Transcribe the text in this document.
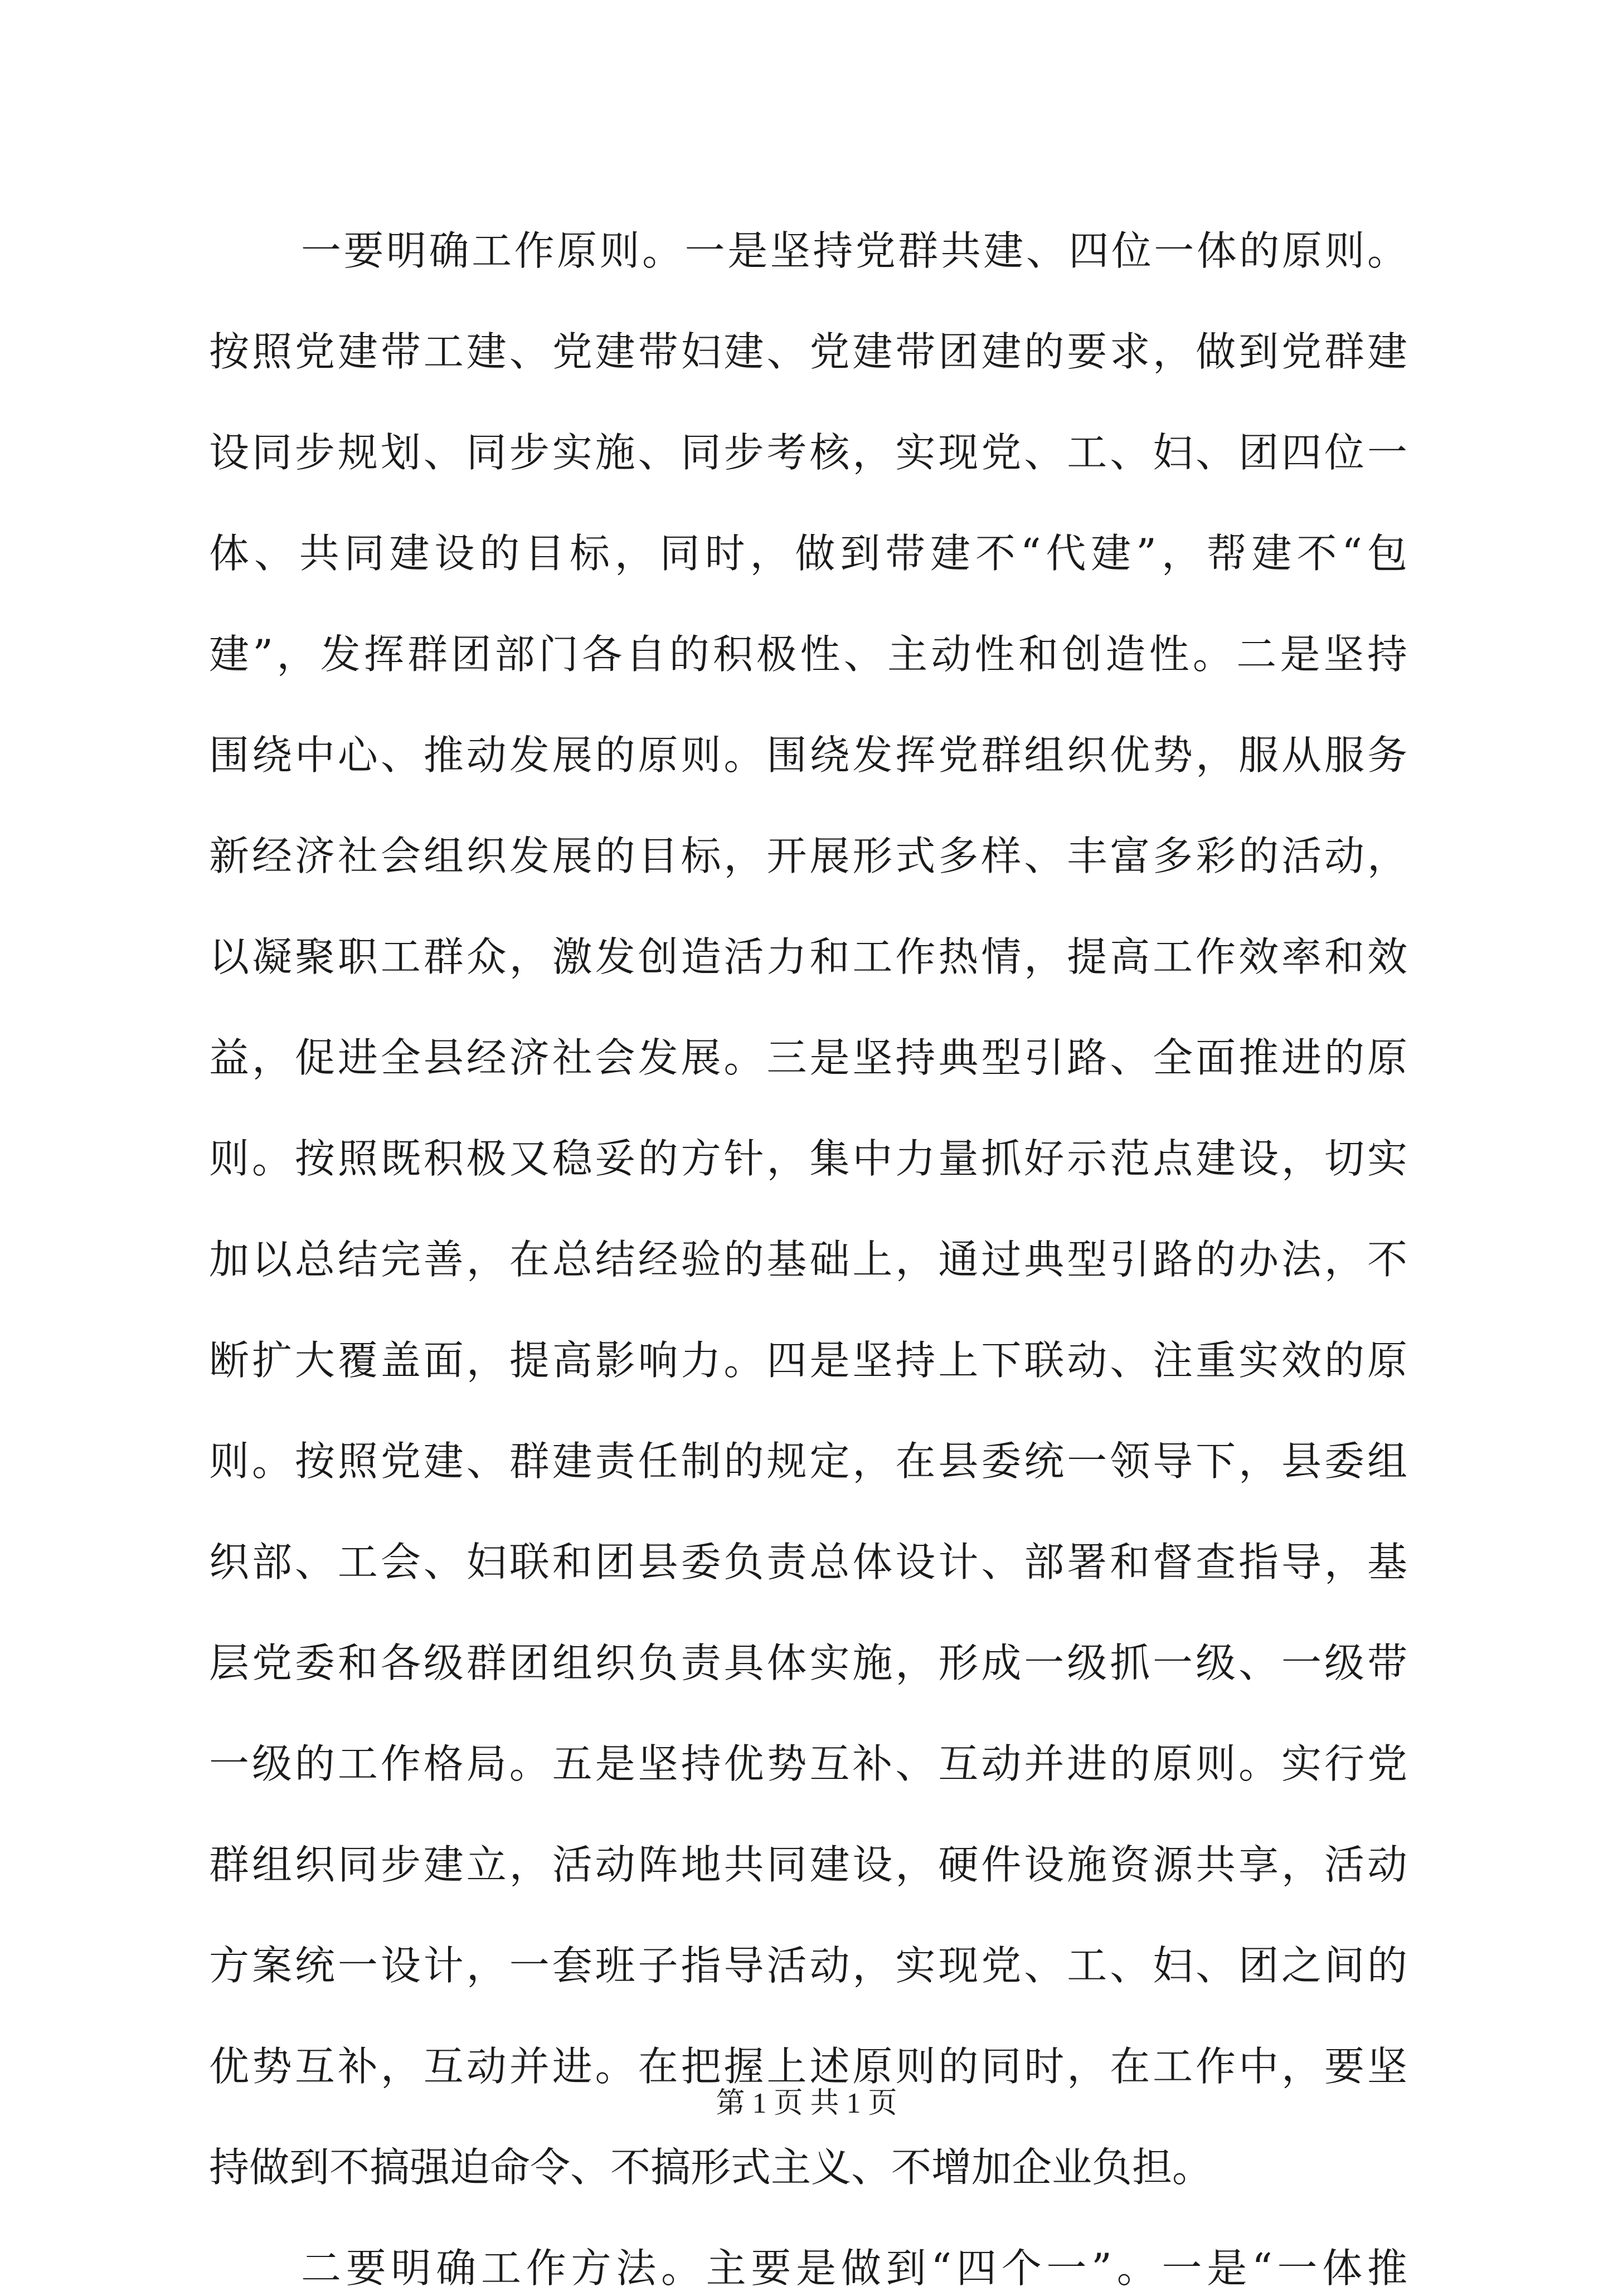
一要明确工作原则。一是坚持党群共建、四位一体的原则。
按照党建带工建、党建带妇建、党建带团建的要求，做到党群建
设同步规划、同步实施、同步考核，实现党、工、妇、团四位一
体、共同建设的目标，同时，做到带建不“代建”，帮建不“包
建”，发挥群团部门各自的积极性、主动性和创造性。二是坚持
围绕中心、推动发展的原则。围绕发挥党群组织优势，服从服务
新经济社会组织发展的目标，开展形式多样、丰富多彩的活动，
以凝聚职工群众，激发创造活力和工作热情，提高工作效率和效
益，促进全县经济社会发展。三是坚持典型引路、全面推进的原
则。按照既积极又稳妥的方针，集中力量抓好示范点建设，切实
加以总结完善，在总结经验的基础上，通过典型引路的办法，不
断扩大覆盖面，提高影响力。四是坚持上下联动、注重实效的原
则。按照党建、群建责任制的规定，在县委统一领导下，县委组
织部、工会、妇联和团县委负责总体设计、部署和督查指导，基
层党委和各级群团组织负责具体实施，形成一级抓一级、一级带
一级的工作格局。五是坚持优势互补、互动并进的原则。实行党
群组织同步建立，活动阵地共同建设，硬件设施资源共享，活动
方案统一设计，一套班子指导活动，实现党、工、妇、团之间的
优势互补，互动并进。在把握上述原则的同时，在工作中，要坚
持做到不搞强迫命令、不搞形式主义、不增加企业负担。
二要明确工作方法。主要是做到“四个一”。一是“一体推
第 1 页 共 1 页
